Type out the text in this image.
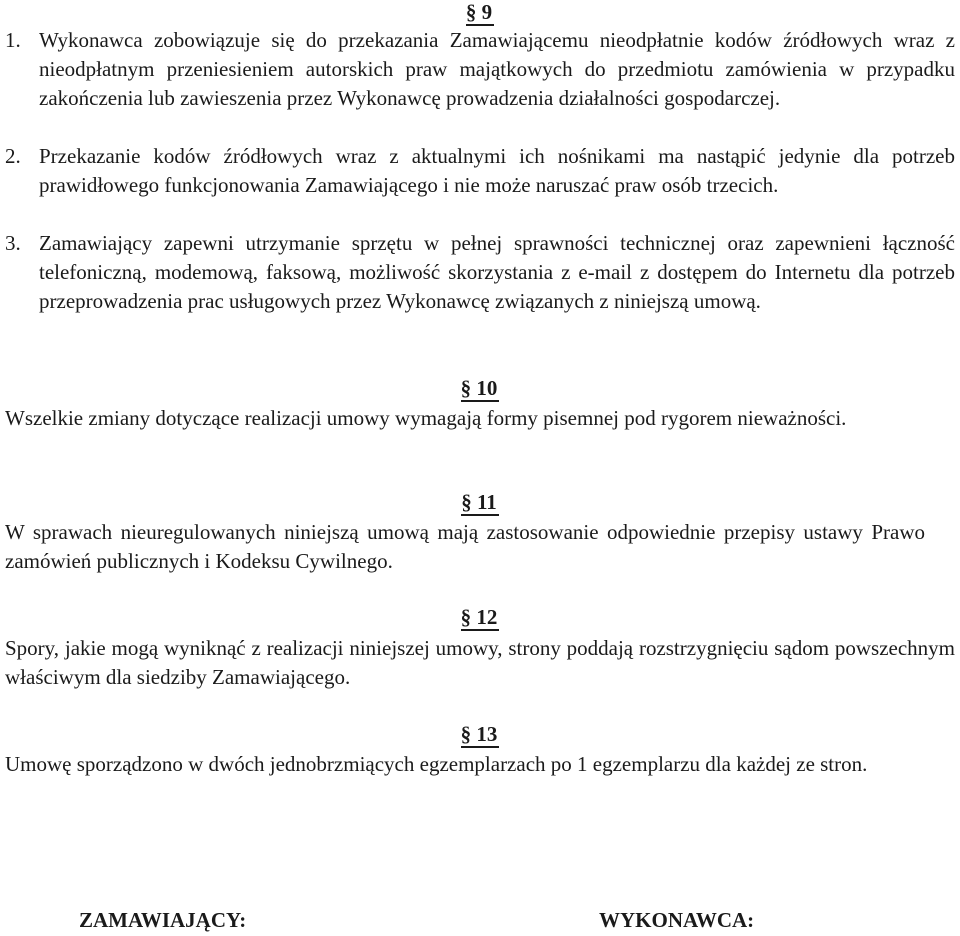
§ 9
1. Wykonawca zobowiązuje się do przekazania Zamawiającemu nieodpłatnie kodów źródłowych wraz z nieodpłatnym przeniesieniem autorskich praw majątkowych do przedmiotu zamówienia w przypadku zakończenia lub zawieszenia przez Wykonawcę prowadzenia działalności gospodarczej.
2. Przekazanie kodów źródłowych wraz z aktualnymi ich nośnikami ma nastąpić jedynie dla potrzeb prawidłowego funkcjonowania Zamawiającego i nie może naruszać praw osób trzecich.
3. Zamawiający zapewni utrzymanie sprzętu w pełnej sprawności technicznej oraz zapewnieni łączność telefoniczną, modemową, faksową, możliwość skorzystania z e-mail z dostępem do Internetu dla potrzeb przeprowadzenia prac usługowych przez Wykonawcę związanych z niniejszą umową.
§ 10

Wszelkie zmiany dotyczące realizacji umowy wymagają formy pisemnej pod rygorem nieważności.

§ 11

W sprawach nieuregulowanych niniejszą umową mają zastosowanie odpowiednie przepisy ustawy Prawo zamówień publicznych i Kodeksu Cywilnego.

§ 12

Spory, jakie mogą wyniknąć z realizacji niniejszej umowy, strony poddają rozstrzygnięciu sądom powszechnym właściwym dla siedziby Zamawiającego.

§ 13

Umowę sporządzono w dwóch jednobrzmiących egzemplarzach po 1 egzemplarzu dla każdej ze stron.

ZAMAWIAJĄCY:	WYKONAWCA:
